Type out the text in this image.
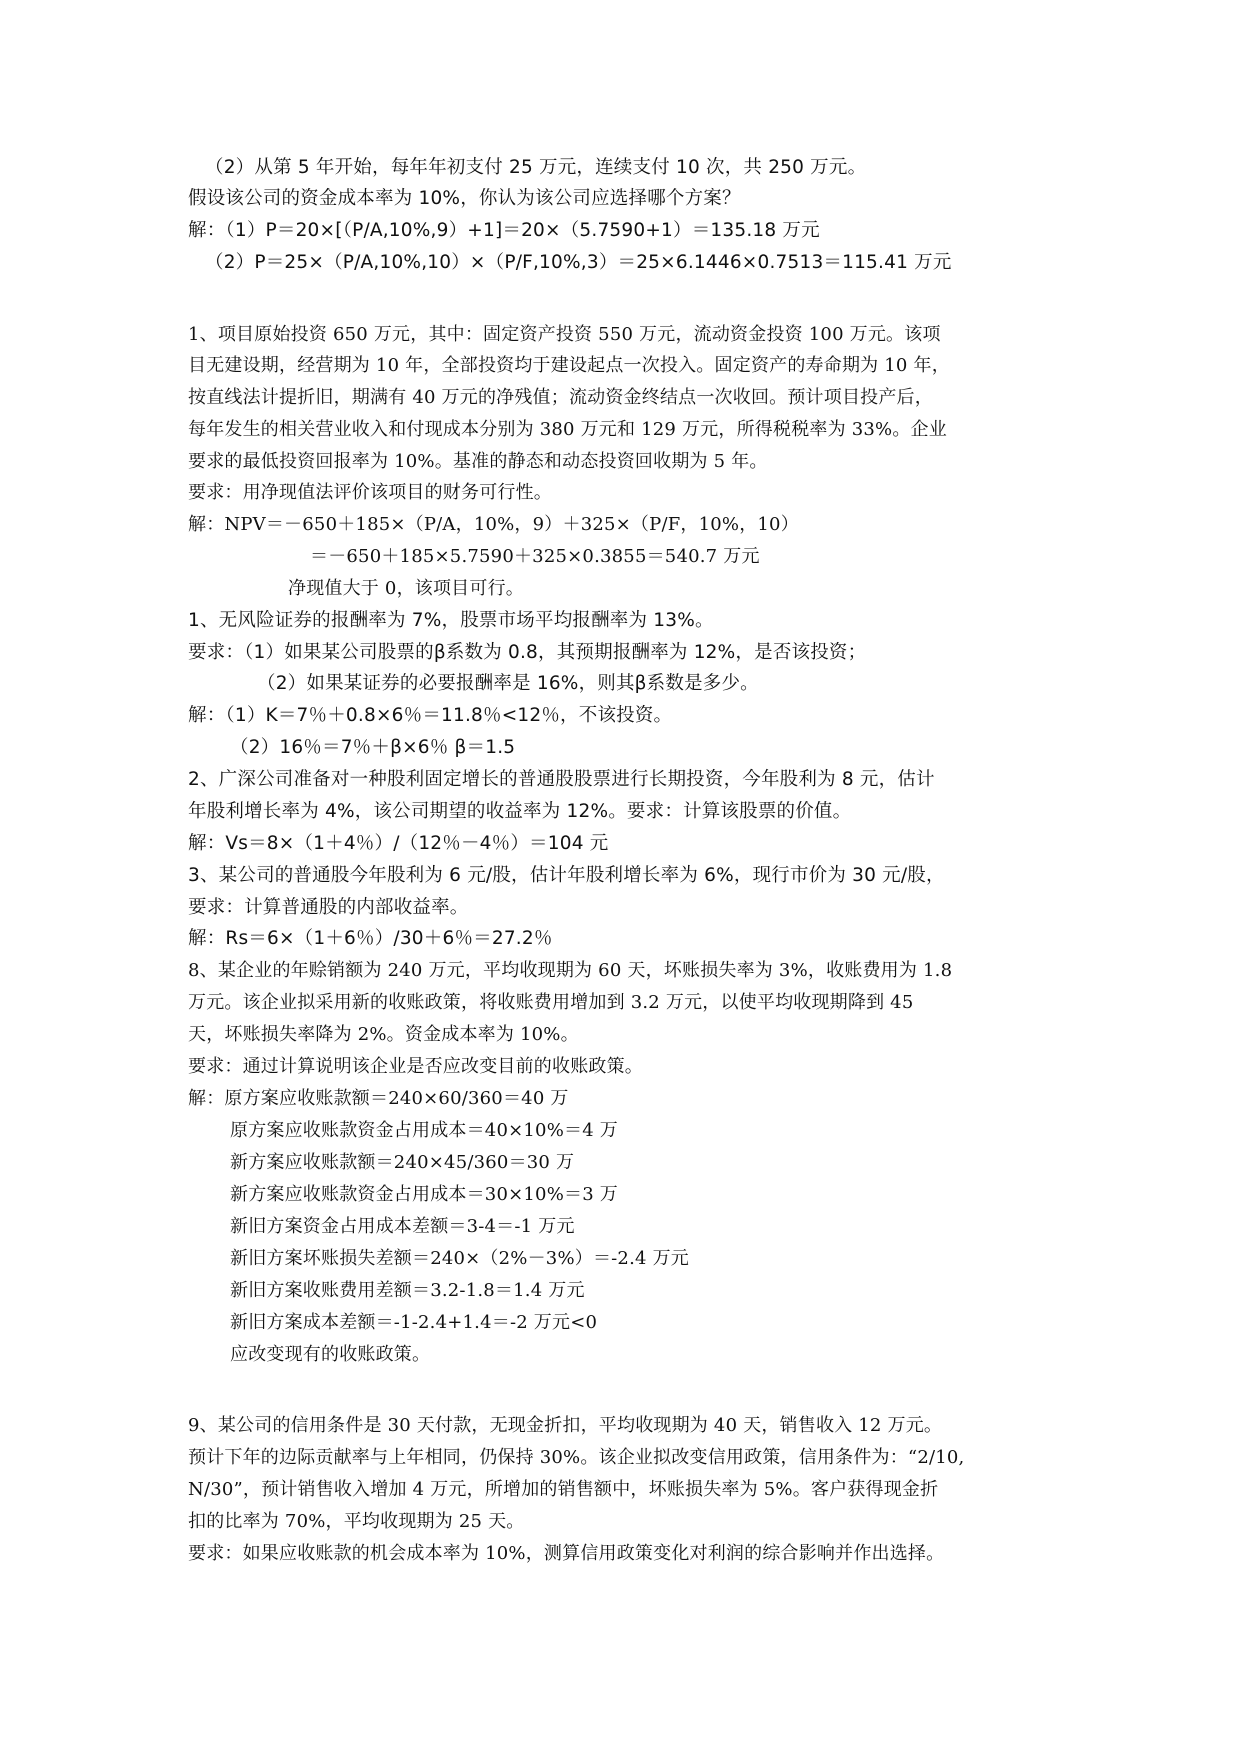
（2）从第 5 年开始，每年年初支付 25 万元，连续支付 10 次，共 250 万元。
假设该公司的资金成本率为 10%，你认为该公司应选择哪个方案？
解：（1）P＝20×[（P/A,10%,9）+1]＝20×（5.7590+1）＝135.18 万元
（2）P＝25×（P/A,10%,10）×（P/F,10%,3）＝25×6.1446×0.7513＝115.41 万元
1、项目原始投资 650 万元，其中：固定资产投资 550 万元，流动资金投资 100 万元。该项
目无建设期，经营期为 10 年，全部投资均于建设起点一次投入。固定资产的寿命期为 10 年，
按直线法计提折旧，期满有 40 万元的净残值；流动资金终结点一次收回。预计项目投产后，
每年发生的相关营业收入和付现成本分别为 380 万元和 129 万元，所得税税率为 33%。企业
要求的最低投资回报率为 10%。基准的静态和动态投资回收期为 5 年。
要求：用净现值法评价该项目的财务可行性。
解：NPV＝－650＋185×（P/A，10%，9）＋325×（P/F，10%，10）
＝－650＋185×5.7590＋325×0.3855＝540.7 万元
净现值大于 0，该项目可行。
1、无风险证券的报酬率为 7%，股票市场平均报酬率为 13%。
要求：（1）如果某公司股票的β系数为 0.8，其预期报酬率为 12%，是否该投资；
（2）如果某证券的必要报酬率是 16%，则其β系数是多少。
解：（1）K＝7％＋0.8×6％＝11.8％<12％，不该投资。
（2）16％＝7％＋β×6％ β＝1.5
2、广深公司准备对一种股利固定增长的普通股股票进行长期投资，今年股利为 8 元，估计
年股利增长率为 4%，该公司期望的收益率为 12%。要求：计算该股票的价值。
解：Vs＝8×（1＋4％）/（12％－4％）＝104 元
3、某公司的普通股今年股利为 6 元/股，估计年股利增长率为 6%，现行市价为 30 元/股，
要求：计算普通股的内部收益率。
解：Rs＝6×（1＋6％）/30＋6％＝27.2％
8、某企业的年赊销额为 240 万元，平均收现期为 60 天，坏账损失率为 3%，收账费用为 1.8
万元。该企业拟采用新的收账政策，将收账费用增加到 3.2 万元，以使平均收现期降到 45
天，坏账损失率降为 2%。资金成本率为 10%。
要求：通过计算说明该企业是否应改变目前的收账政策。
解：原方案应收账款额＝240×60/360＝40 万
原方案应收账款资金占用成本＝40×10%＝4 万
新方案应收账款额＝240×45/360＝30 万
新方案应收账款资金占用成本＝30×10%＝3 万
新旧方案资金占用成本差额＝3-4＝-1 万元
新旧方案坏账损失差额＝240×（2%－3%）＝-2.4 万元
新旧方案收账费用差额＝3.2-1.8＝1.4 万元
新旧方案成本差额＝-1-2.4+1.4＝-2 万元<0
应改变现有的收账政策。
9、某公司的信用条件是 30 天付款，无现金折扣，平均收现期为 40 天，销售收入 12 万元。
预计下年的边际贡献率与上年相同，仍保持 30%。该企业拟改变信用政策，信用条件为：“2/10,
N/30”，预计销售收入增加 4 万元，所增加的销售额中，坏账损失率为 5%。客户获得现金折
扣的比率为 70%，平均收现期为 25 天。
要求：如果应收账款的机会成本率为 10%，测算信用政策变化对利润的综合影响并作出选择。
